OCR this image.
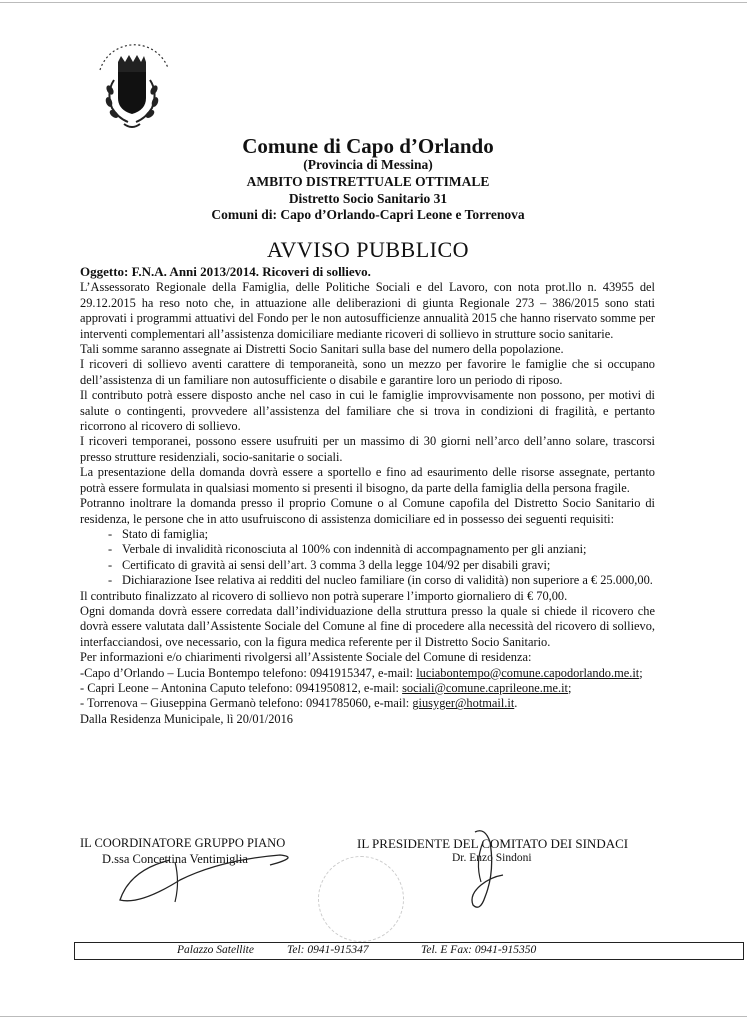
Comune di Capo d’Orlando
(Provincia di Messina)
AMBITO DISTRETTUALE OTTIMALE
Distretto Socio Sanitario 31
Comuni di: Capo d’Orlando-Capri Leone e Torrenova
AVVISO PUBBLICO

Oggetto: F.N.A. Anni 2013/2014. Ricoveri di sollievo.

L’Assessorato Regionale della Famiglia, delle Politiche Sociali e del Lavoro, con nota prot.llo n. 43955 del 29.12.2015 ha reso noto che, in attuazione alle deliberazioni di giunta Regionale 273 – 386/2015 sono stati approvati i programmi attuativi del Fondo per le non autosufficienze annualità 2015 che hanno riservato somme per interventi complementari all’assistenza domiciliare mediante ricoveri di sollievo in strutture socio sanitarie.

Tali somme saranno assegnate ai Distretti Socio Sanitari sulla base del numero della popolazione.

I ricoveri di sollievo aventi carattere di temporaneità, sono un mezzo per favorire le famiglie che si occupano dell’assistenza di un familiare non autosufficiente o disabile e garantire loro un periodo di riposo.

Il contributo potrà essere disposto anche nel caso in cui le famiglie improvvisamente non possono, per motivi di salute o contingenti, provvedere all’assistenza del familiare che si trova in condizioni di fragilità, e pertanto ricorrono al ricovero di sollievo.

I ricoveri temporanei, possono essere usufruiti per un massimo di 30 giorni nell’arco dell’anno solare, trascorsi presso strutture residenziali, socio-sanitarie o sociali.

La presentazione della domanda dovrà essere a sportello e fino ad esaurimento delle risorse assegnate, pertanto potrà essere formulata in qualsiasi momento si presenti il bisogno, da parte della famiglia della persona fragile.

Potranno inoltrare la domanda presso il proprio Comune o al Comune capofila del Distretto Socio Sanitario di residenza, le persone che in atto usufruiscono di assistenza domiciliare ed in possesso dei seguenti requisiti:

- Stato di famiglia;
- Verbale di invalidità riconosciuta al 100% con indennità di accompagnamento per gli anziani;
- Certificato di gravità ai sensi dell’art. 3 comma 3 della legge 104/92 per disabili gravi;
- Dichiarazione Isee relativa ai redditi del nucleo familiare (in corso di validità) non superiore a € 25.000,00.

Il contributo finalizzato al ricovero di sollievo non potrà superare l’importo giornaliero di € 70,00.

Ogni domanda dovrà essere corredata dall’individuazione della struttura presso la quale si chiede il ricovero che dovrà essere valutata dall’Assistente Sociale del Comune al fine di procedere alla necessità del ricovero di sollievo, interfacciandosi, ove necessario, con la figura medica referente per il Distretto Socio Sanitario.

Per informazioni e/o chiarimenti rivolgersi all’Assistente Sociale del Comune di residenza:

-Capo d’Orlando – Lucia Bontempo telefono: 0941915347, e-mail: luciabontempo@comune.capodorlando.me.it;

- Capri Leone – Antonina Caputo telefono: 0941950812, e-mail: sociali@comune.caprileone.me.it;

- Torrenova – Giuseppina Germanò telefono: 0941785060, e-mail: giusyger@hotmail.it.

Dalla Residenza Municipale, lì 20/01/2016

IL COORDINATORE GRUPPO PIANO
D.ssa Concettina Ventimiglia
IL PRESIDENTE DEL COMITATO DEI SINDACI
Dr. Enzo Sindoni
Palazzo Satellite	Tel: 0941-915347	Tel. E Fax: 0941-915350
